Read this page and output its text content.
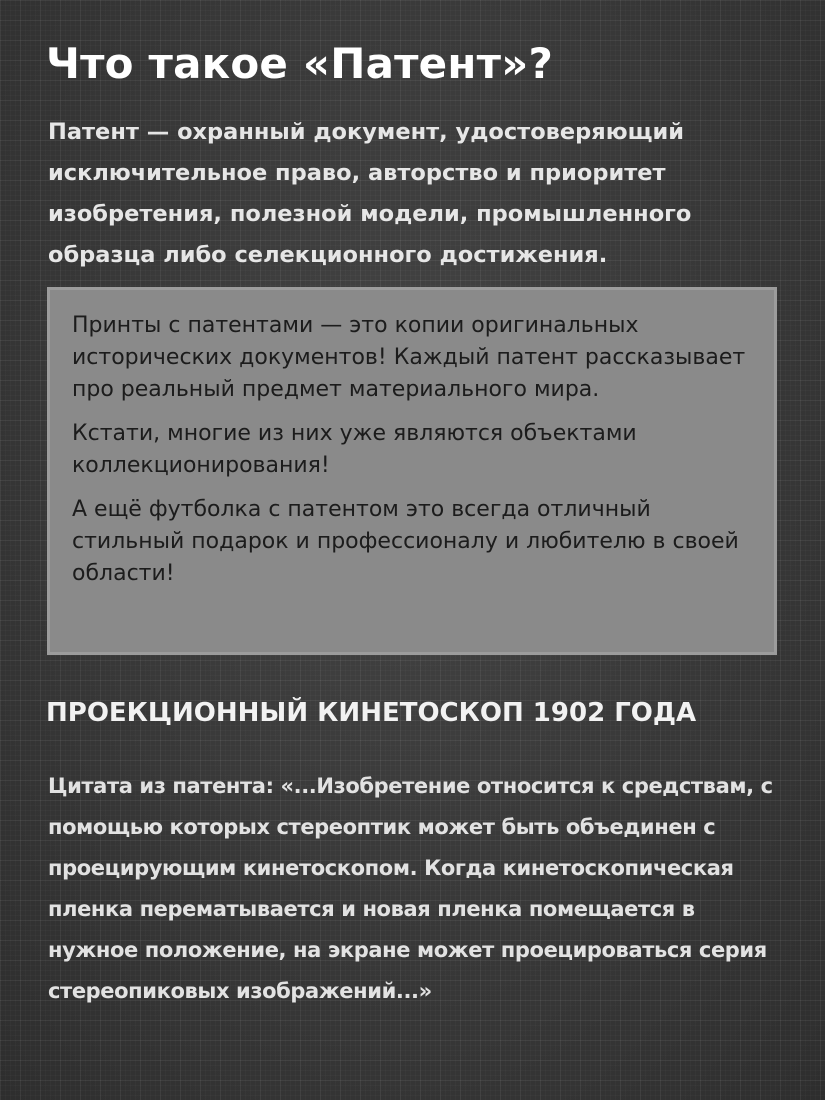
Что такое «Патент»?

Патент — охранный документ, удостоверяющий исключительное право, авторство и приоритет изобретения, полезной модели, промышленного образца либо селекционного достижения.

Принты с патентами — это копии оригинальных исторических документов! Каждый патент рассказывает про реальный предмет материального мира.

Кстати, многие из них уже являются объектами коллекционирования!

А ещё футболка с патентом это всегда отличный стильный подарок и профессионалу и любителю в своей области!

ПРОЕКЦИОННЫЙ КИНЕТОСКОП 1902 ГОДА

Цитата из патента: «...Изобретение относится к средствам, с помощью которых стереоптик может быть объединен с проецирующим кинетоскопом. Когда кинетоскопическая пленка перематывается и новая пленка помещается в нужное положение, на экране может проецироваться серия стереопиковых изображений...»
